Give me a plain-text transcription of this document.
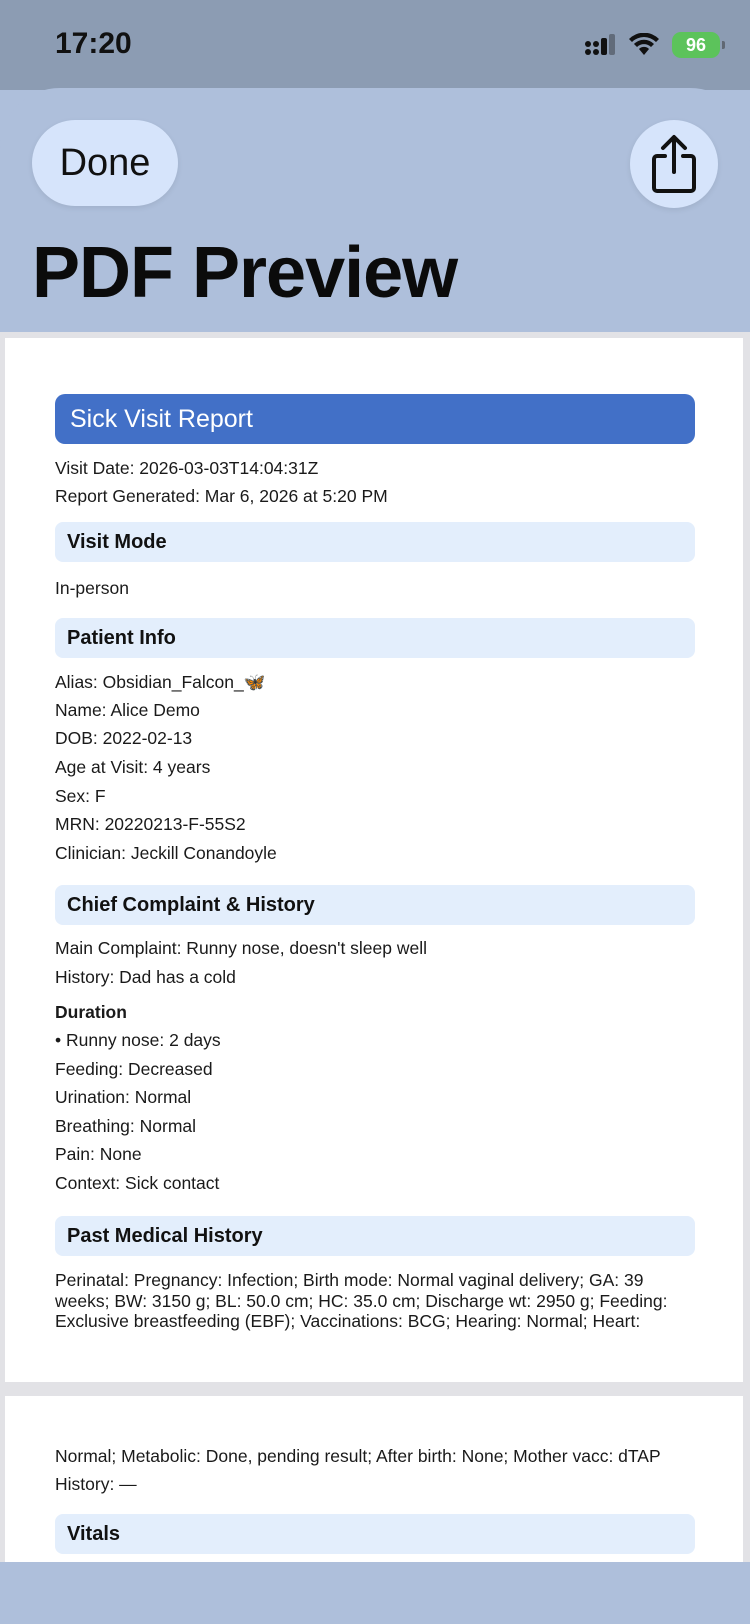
17:20	96
Done
PDF Preview
Sick Visit Report
Visit Date: 2026-03-03T14:04:31Z
Report Generated: Mar 6, 2026 at 5:20 PM
Visit Mode
In-person
Patient Info
Alias: Obsidian_Falcon_🦋
Name: Alice Demo
DOB: 2022-02-13
Age at Visit: 4 years
Sex: F
MRN: 20220213-F-55S2
Clinician: Jeckill Conandoyle
Chief Complaint & History
Main Complaint: Runny nose, doesn't sleep well
History: Dad has a cold
Duration
• Runny nose: 2 days
Feeding: Decreased
Urination: Normal
Breathing: Normal
Pain: None
Context: Sick contact
Past Medical History
Perinatal: Pregnancy: Infection; Birth mode: Normal vaginal delivery; GA: 39 weeks; BW: 3150 g; BL: 50.0 cm; HC: 35.0 cm; Discharge wt: 2950 g; Feeding: Exclusive breastfeeding (EBF); Vaccinations: BCG; Hearing: Normal; Heart:
Normal; Metabolic: Done, pending result; After birth: None; Mother vacc: dTAP
History: —
Vitals
